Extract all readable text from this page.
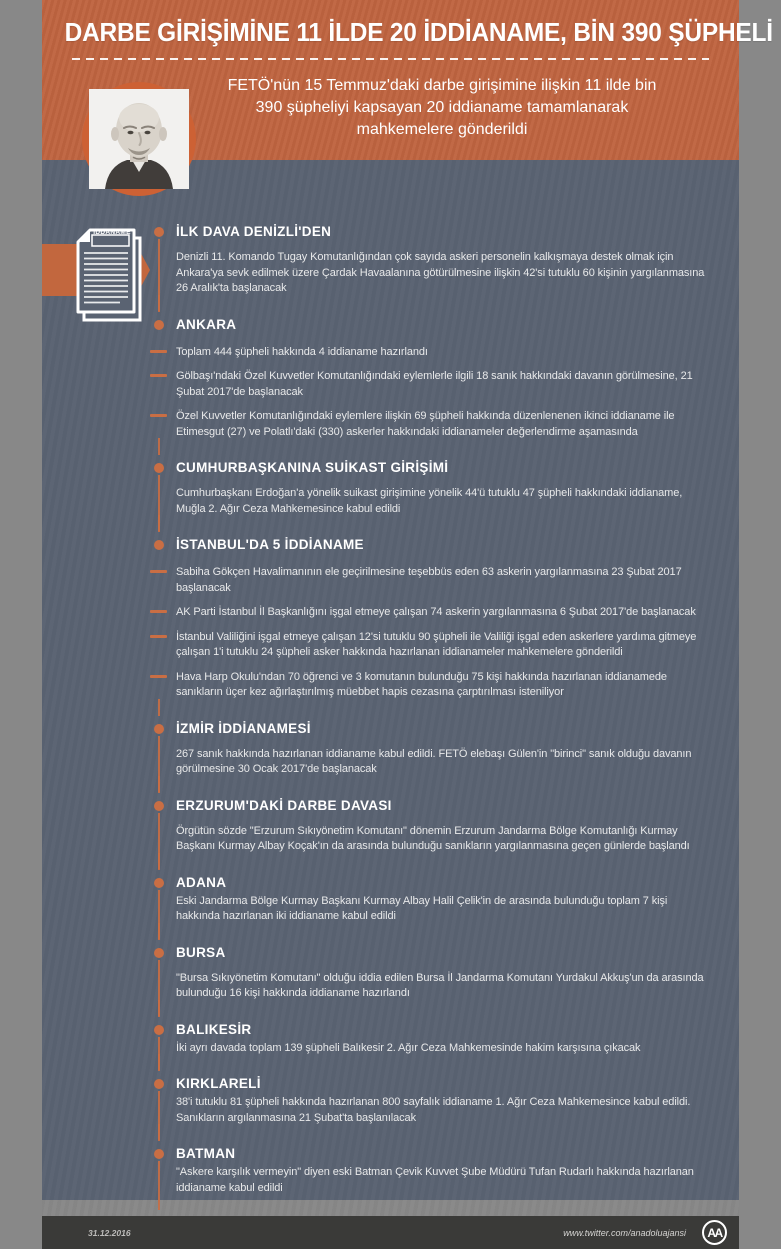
DARBE GİRİŞİMİNE 11 İLDE 20 İDDİANAME, BİN 390 ŞÜPHELİ

FETÖ'nün 15 Temmuz'daki darbe girişimine ilişkin 11 ilde bin 390 şüpheliyi kapsayan 20 iddianame tamamlanarak mahkemelere gönderildi

İDDANAME	İLK DAVA DENİZLİ'DEN
Denizli 11. Komando Tugay Komutanlığından çok sayıda askeri personelin kalkışmaya destek olmak için Ankara'ya sevk edilmek üzere Çardak Havaalanına götürülmesine ilişkin 42'si tutuklu 60 kişinin yargılanmasına 26 Aralık'ta başlanacak
ANKARA
Toplam 444 şüpheli hakkında 4 iddianame hazırlandı
Gölbaşı'ndaki Özel Kuvvetler Komutanlığındaki eylemlerle ilgili 18 sanık hakkındaki davanın görülmesine, 21 Şubat 2017'de başlanacak
Özel Kuvvetler Komutanlığındaki eylemlere ilişkin 69 şüpheli hakkında düzenlenenen ikinci iddianame ile Etimesgut (27) ve Polatlı'daki (330) askerler hakkındaki iddianameler değerlendirme aşamasında
CUMHURBAŞKANINA SUİKAST GİRİŞİMİ
Cumhurbaşkanı Erdoğan'a yönelik suikast girişimine yönelik 44'ü tutuklu 47 şüpheli hakkındaki iddianame, Muğla 2. Ağır Ceza Mahkemesince kabul edildi
İSTANBUL'DA 5 İDDİANAME
Sabiha Gökçen Havalimanının ele geçirilmesine teşebbüs eden 63 askerin yargılanmasına 23 Şubat 2017 başlanacak
AK Parti İstanbul İl Başkanlığını işgal etmeye çalışan 74 askerin yargılanmasına 6 Şubat 2017'de başlanacak
İstanbul Valiliğini işgal etmeye çalışan 12'si tutuklu 90 şüpheli ile Valiliği işgal eden askerlere yardıma gitmeye çalışan 1'i tutuklu 24 şüpheli asker hakkında hazırlanan iddianameler mahkemelere gönderildi
Hava Harp Okulu'ndan 70 öğrenci ve 3 komutanın bulunduğu 75 kişi hakkında hazırlanan iddianamede sanıkların üçer kez ağırlaştırılmış müebbet hapis cezasına çarptırılması isteniliyor
İZMİR İDDİANAMESİ
267 sanık hakkında hazırlanan iddianame kabul edildi. FETÖ elebaşı Gülen'in "birinci" sanık olduğu davanın görülmesine 30 Ocak 2017'de başlanacak
ERZURUM'DAKİ DARBE DAVASI
Örgütün sözde "Erzurum Sıkıyönetim Komutanı" dönemin Erzurum Jandarma Bölge Komutanlığı Kurmay Başkanı Kurmay Albay Koçak'ın da arasında bulunduğu sanıkların yargılanmasına geçen günlerde başlandı
ADANA
Eski Jandarma Bölge Kurmay Başkanı Kurmay Albay Halil Çelik'in de arasında bulunduğu toplam 7 kişi hakkında hazırlanan iki iddianame kabul edildi
BURSA
"Bursa Sıkıyönetim Komutanı" olduğu iddia edilen Bursa İl Jandarma Komutanı Yurdakul Akkuş'un da arasında bulunduğu 16 kişi hakkında iddianame hazırlandı
BALIKESİR
İki ayrı davada toplam 139 şüpheli Balıkesir 2. Ağır Ceza Mahkemesinde hakim karşısına çıkacak
KIRKLARELİ
38'i tutuklu 81 şüpheli hakkında hazırlanan 800 sayfalık iddianame 1. Ağır Ceza Mahkemesince kabul edildi. Sanıkların argılanmasına 21 Şubat'ta başlanılacak
BATMAN
"Askere karşılık vermeyin" diyen eski Batman Çevik Kuvvet Şube Müdürü Tufan Rudarlı hakkında hazırlanan iddianame kabul edildi
31.12.2016	www.twitter.com/anadoluajansi	AA
